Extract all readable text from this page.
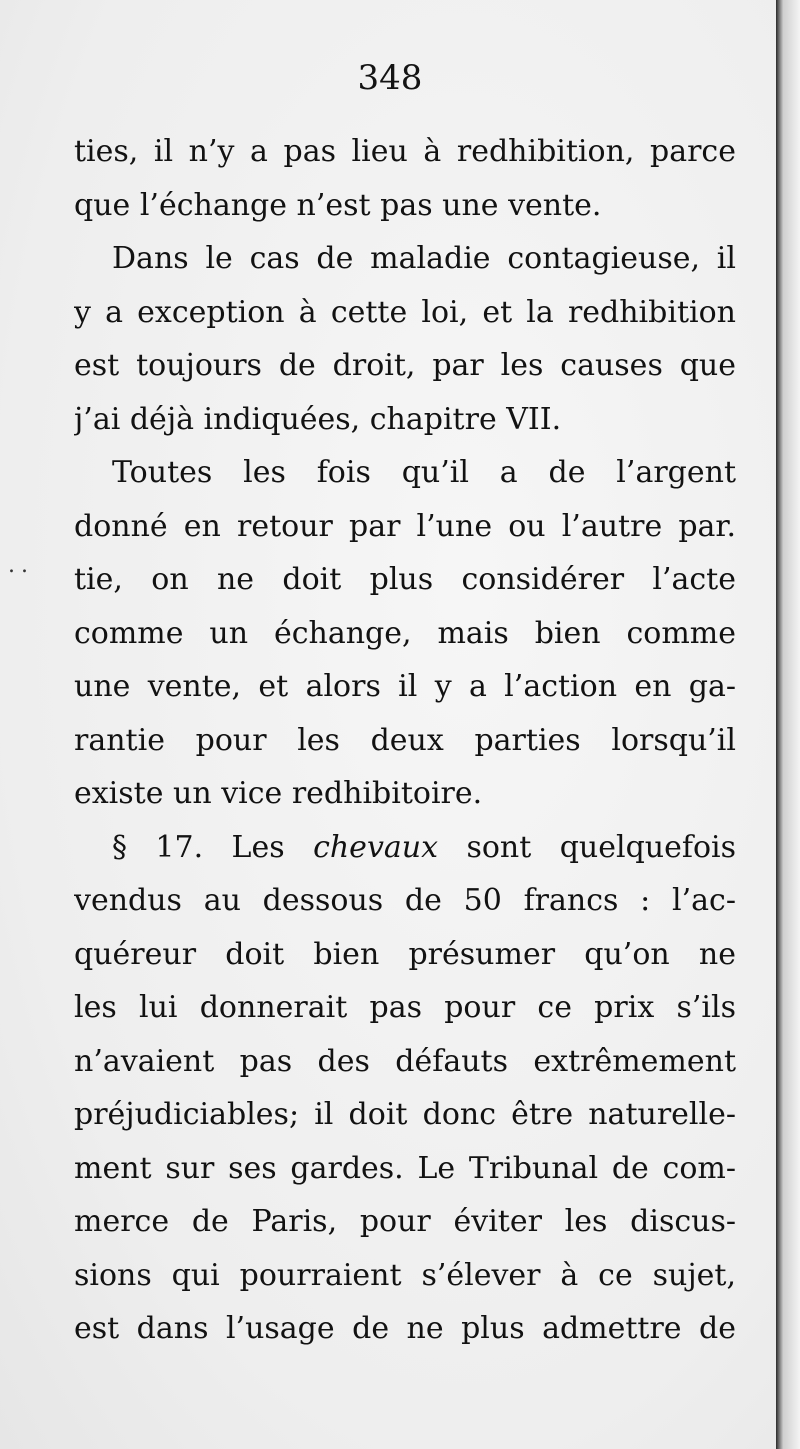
348
..
ties, il n’y a pas lieu à redhibition, parce
que l’échange n’est pas une vente.
Dans le cas de maladie contagieuse, il
y a exception à cette loi, et la redhibition
est toujours de droit, par les causes que
j’ai déjà indiquées, chapitre VII.
Toutes les fois qu’il a de l’argent
donné en retour par l’une ou l’autre par.
tie, on ne doit plus considérer l’acte
comme un échange, mais bien comme
une vente, et alors il y a l’action en ga-
rantie pour les deux parties lorsqu’il
existe un vice redhibitoire.
§ 17. Les chevaux sont quelquefois
vendus au dessous de 50 francs : l’ac-
quéreur doit bien présumer qu’on ne
les lui donnerait pas pour ce prix s’ils
n’avaient pas des défauts extrêmement
préjudiciables; il doit donc être naturelle-
ment sur ses gardes. Le Tribunal de com-
merce de Paris, pour éviter les discus-
sions qui pourraient s’élever à ce sujet,
est dans l’usage de ne plus admettre de
